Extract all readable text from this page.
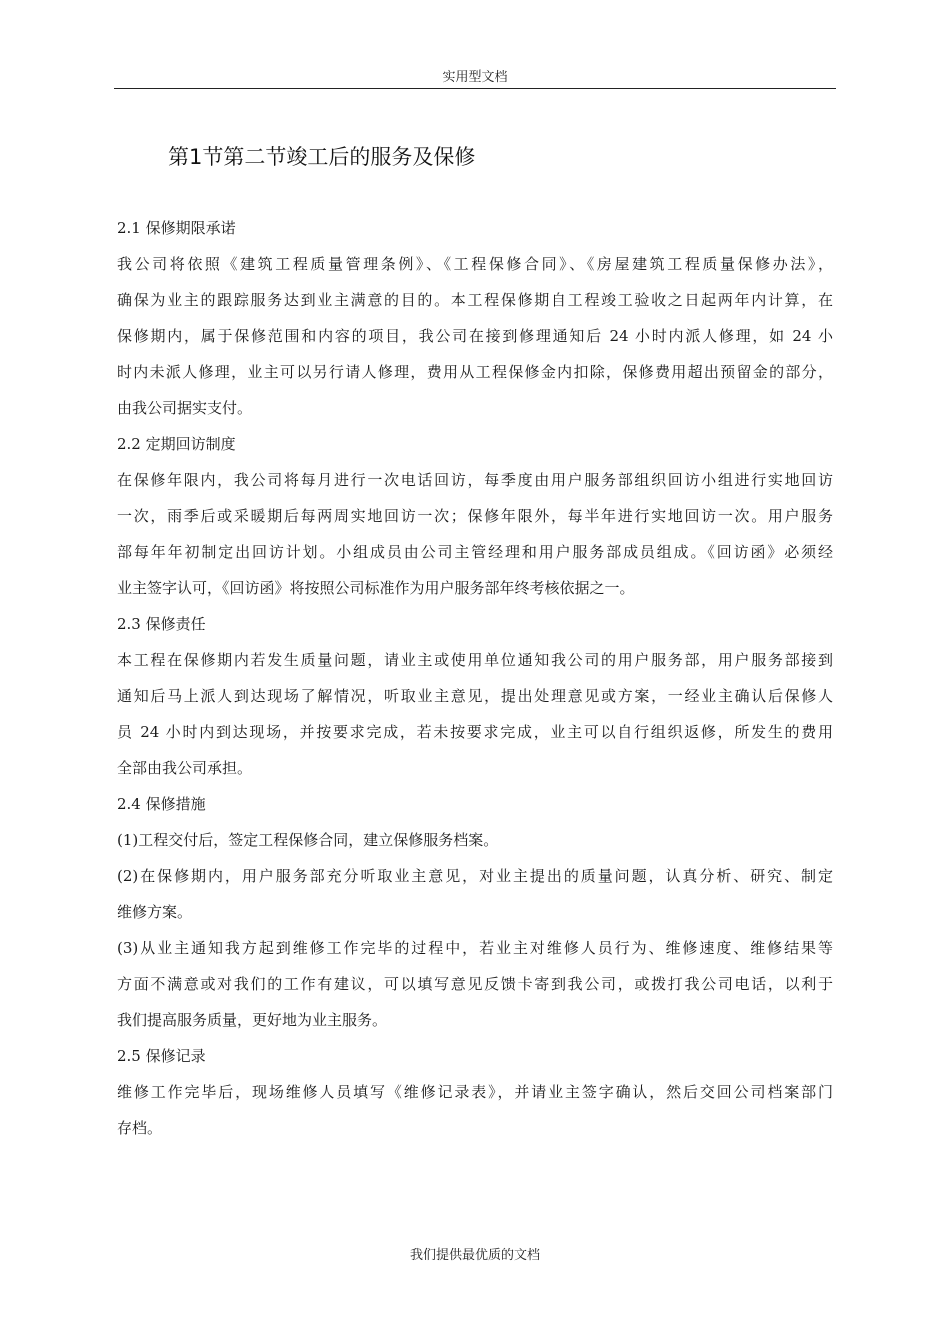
实用型文档
第1节第二节竣工后的服务及保修
2.1 保修期限承诺
我公司将依照《建筑工程质量管理条例》、《工程保修合同》、《房屋建筑工程质量保修办法》，
确保为业主的跟踪服务达到业主满意的目的。本工程保修期自工程竣工验收之日起两年内计算，在
保修期内，属于保修范围和内容的项目，我公司在接到修理通知后 24 小时内派人修理，如 24 小
时内未派人修理，业主可以另行请人修理，费用从工程保修金内扣除，保修费用超出预留金的部分，
由我公司据实支付。
2.2 定期回访制度
在保修年限内，我公司将每月进行一次电话回访，每季度由用户服务部组织回访小组进行实地回访
一次，雨季后或采暖期后每两周实地回访一次；保修年限外，每半年进行实地回访一次。用户服务
部每年年初制定出回访计划。小组成员由公司主管经理和用户服务部成员组成。《回访函》必须经
业主签字认可，《回访函》将按照公司标准作为用户服务部年终考核依据之一。
2.3 保修责任
本工程在保修期内若发生质量问题，请业主或使用单位通知我公司的用户服务部，用户服务部接到
通知后马上派人到达现场了解情况，听取业主意见，提出处理意见或方案，一经业主确认后保修人
员 24 小时内到达现场，并按要求完成，若未按要求完成，业主可以自行组织返修，所发生的费用
全部由我公司承担。
2.4 保修措施
(1)工程交付后，签定工程保修合同，建立保修服务档案。
(2)在保修期内，用户服务部充分听取业主意见，对业主提出的质量问题，认真分析、研究、制定
维修方案。
(3)从业主通知我方起到维修工作完毕的过程中，若业主对维修人员行为、维修速度、维修结果等
方面不满意或对我们的工作有建议，可以填写意见反馈卡寄到我公司，或拨打我公司电话，以利于
我们提高服务质量，更好地为业主服务。
2.5 保修记录
维修工作完毕后，现场维修人员填写《维修记录表》，并请业主签字确认，然后交回公司档案部门
存档。
我们提供最优质的文档
